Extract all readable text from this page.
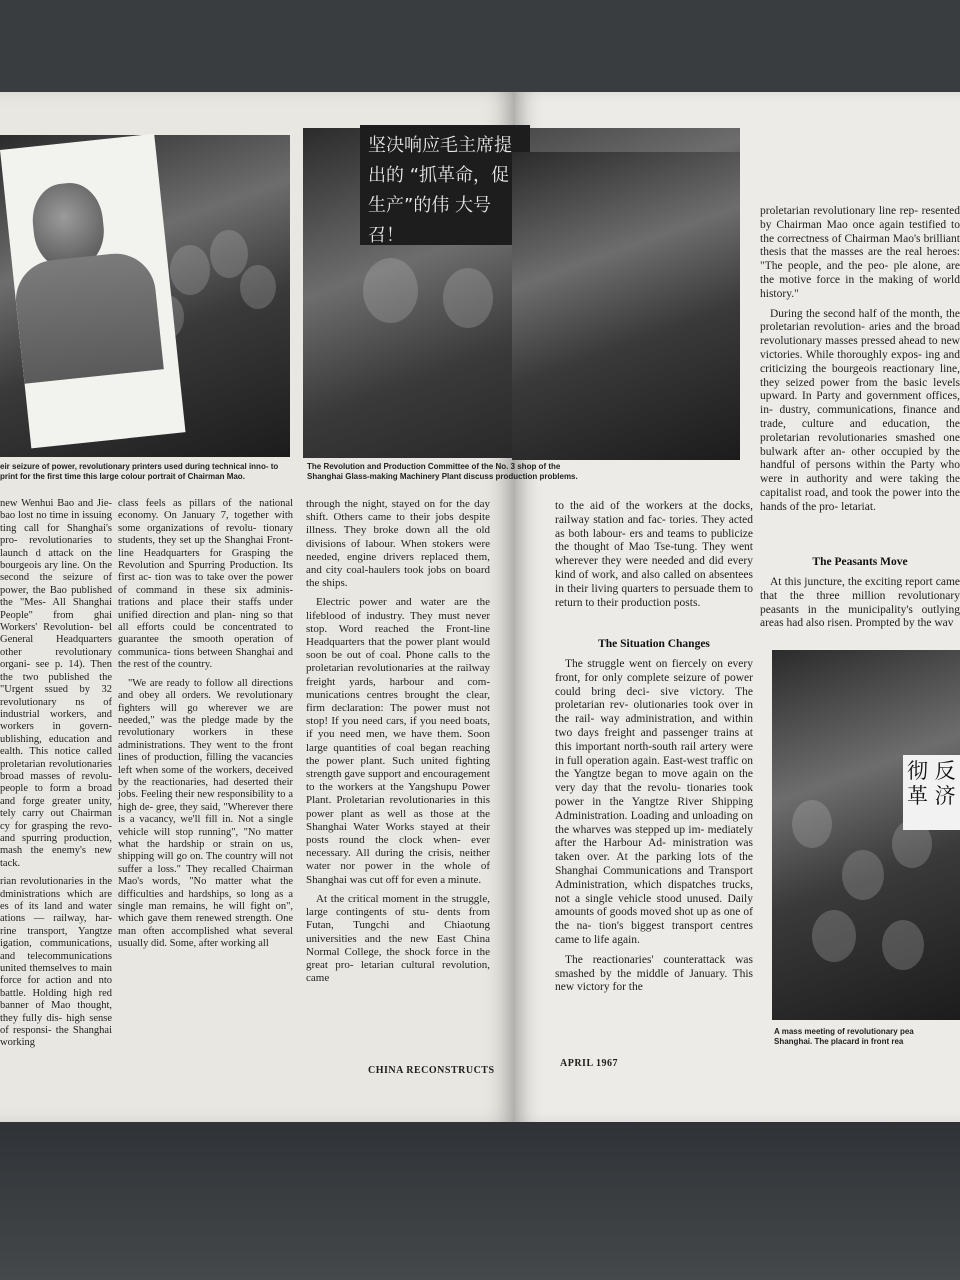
eir seizure of power, revolutionary printers used during technical inno- to print for the first time this large colour portrait of Chairman Mao.
坚决响应毛主席提出的 “抓革命，促生产”的伟 大号召！
The Revolution and Production Committee of the No. 3 shop of the
Shanghai Glass-making Machinery Plant discuss production problems.

new Wenhui Bao and Jie- bao lost no time in issuing ting call for Shanghai's pro- revolutionaries to launch d attack on the bourgeois ary line. On the second the seizure of power, the Bao published the "Mes- All Shanghai People" from ghai Workers' Revolution- bel General Headquarters other revolutionary organi- see p. 14). Then the two published the "Urgent ssued by 32 revolutionary ns of industrial workers, and workers in govern- ublishing, education and ealth. This notice called proletarian revolutionaries broad masses of revolu- people to form a broad and forge greater unity, tely carry out Chairman cy for grasping the revo- and spurring production, mash the enemy's new tack.

rian revolutionaries in the dministrations which are es of its land and water ations — railway, har- rine transport, Yangtze igation, communications, and telecommunications united themselves to main force for action and nto battle. Holding high red banner of Mao thought, they fully dis- high sense of responsi- the Shanghai working

class feels as pillars of the national economy. On January 7, together with some organizations of revolu- tionary students, they set up the Shanghai Front-line Headquarters for Grasping the Revolution and Spurring Production. Its first ac- tion was to take over the power of command in these six adminis- trations and place their staffs under unified direction and plan- ning so that all efforts could be concentrated to guarantee the smooth operation of communica- tions between Shanghai and the rest of the country.

"We are ready to follow all directions and obey all orders. We revolutionary fighters will go wherever we are needed," was the pledge made by the revolutionary workers in these administrations. They went to the front lines of production, filling the vacancies left when some of the workers, deceived by the reactionaries, had deserted their jobs. Feeling their new responsibility to a high de- gree, they said, "Wherever there is a vacancy, we'll fill in. Not a single vehicle will stop running", "No matter what the hardship or strain on us, shipping will go on. The country will not suffer a loss." They recalled Chairman Mao's words, "No matter what the difficulties and hardships, so long as a single man remains, he will fight on", which gave them renewed strength. One man often accomplished what several usually did. Some, after working all

through the night, stayed on for the day shift. Others came to their jobs despite illness. They broke down all the old divisions of labour. When stokers were needed, engine drivers replaced them, and city coal-haulers took jobs on board the ships.

Electric power and water are the lifeblood of industry. They must never stop. Word reached the Front-line Headquarters that the power plant would soon be out of coal. Phone calls to the proletarian revolutionaries at the railway freight yards, harbour and com- munications centres brought the clear, firm declaration: The power must not stop! If you need cars, if you need boats, if you need men, we have them. Soon large quantities of coal began reaching the power plant. Such united fighting strength gave support and encouragement to the workers at the Yangshupu Power Plant. Proletarian revolutionaries in this power plant as well as those at the Shanghai Water Works stayed at their posts round the clock when- ever necessary. All during the crisis, neither water nor power in the whole of Shanghai was cut off for even a minute.

At the critical moment in the struggle, large contingents of stu- dents from Futan, Tungchi and Chiaotung universities and the new East China Normal College, the shock force in the great pro- letarian cultural revolution, came

CHINA RECONSTRUCTS

to the aid of the workers at the docks, railway station and fac- tories. They acted as both labour- ers and teams to publicize the thought of Mao Tse-tung. They went wherever they were needed and did every kind of work, and also called on absentees in their living quarters to persuade them to return to their production posts.

The Situation Changes

The struggle went on fiercely on every front, for only complete seizure of power could bring deci- sive victory. The proletarian rev- olutionaries took over in the rail- way administration, and within two days freight and passenger trains at this important north-south rail artery were in full operation again. East-west traffic on the Yangtze began to move again on the very day that the revolu- tionaries took power in the Yangtze River Shipping Administration. Loading and unloading on the wharves was stepped up im- mediately after the Harbour Ad- ministration was taken over. At the parking lots of the Shanghai Communications and Transport Administration, which dispatches trucks, not a single vehicle stood unused. Daily amounts of goods moved shot up as one of the na- tion's biggest transport centres came to life again.

The reactionaries' counterattack was smashed by the middle of January. This new victory for the

APRIL 1967

proletarian revolutionary line rep- resented by Chairman Mao once again testified to the correctness of Chairman Mao's brilliant thesis that the masses are the real heroes: "The people, and the peo- ple alone, are the motive force in the making of world history."

During the second half of the month, the proletarian revolution- aries and the broad revolutionary masses pressed ahead to new victories. While thoroughly expos- ing and criticizing the bourgeois reactionary line, they seized power from the basic levels upward. In Party and government offices, in- dustry, communications, finance and trade, culture and education, the proletarian revolutionaries smashed one bulwark after an- other occupied by the handful of persons within the Party who were in authority and were taking the capitalist road, and took the power into the hands of the pro- letariat.

The Peasants Move

At this juncture, the exciting report came that the three million revolutionary peasants in the municipality's outlying areas had also risen. Prompted by the wav

彻 反革 济
A mass meeting of revolutionary pea
Shanghai. The placard in front rea
